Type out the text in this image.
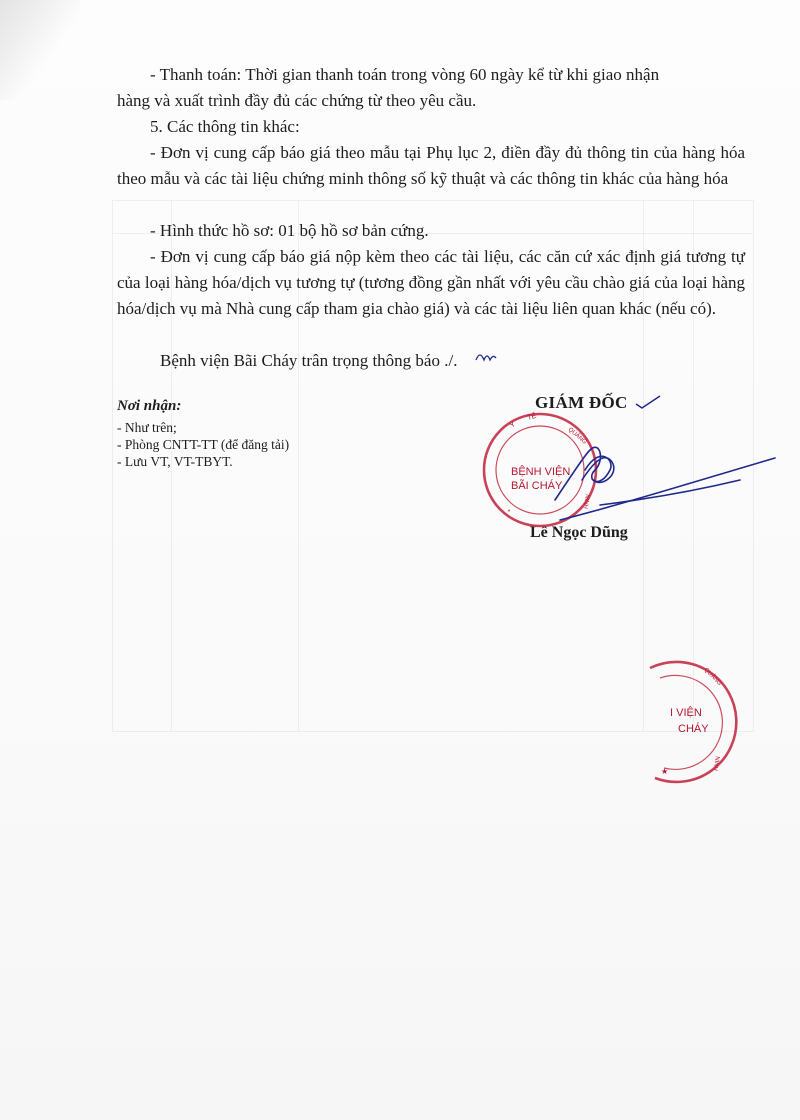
- Thanh toán: Thời gian thanh toán trong vòng 60 ngày kể từ khi giao nhận
hàng và xuất trình đầy đủ các chứng từ theo yêu cầu.
5. Các thông tin khác:
- Đơn vị cung cấp báo giá theo mẫu tại Phụ lục 2, điền đầy đủ thông tin của hàng hóa theo mẫu và các tài liệu chứng minh thông số kỹ thuật và các thông tin khác của hàng hóa
- Hình thức hồ sơ: 01 bộ hồ sơ bản cứng.
- Đơn vị cung cấp báo giá nộp kèm theo các tài liệu, các căn cứ xác định giá tương tự của loại hàng hóa/dịch vụ tương tự (tương đồng gần nhất với yêu cầu chào giá của loại hàng hóa/dịch vụ mà Nhà cung cấp tham gia chào giá) và các tài liệu liên quan khác (nếu có).
Bệnh viện Bãi Cháy trân trọng thông báo ./.
Nơi nhận:
- Như trên;
- Phòng CNTT-TT (để đăng tải)
- Lưu VT, VT-TBYT.
GIÁM ĐỐC
Lê Ngọc Dũng
BỆNH VIỆN
BÃI CHÁY
Y
TẾ
QUẢNG
NINH
*
I VIỆN
CHÁY
QUẢNG
NINH
★
